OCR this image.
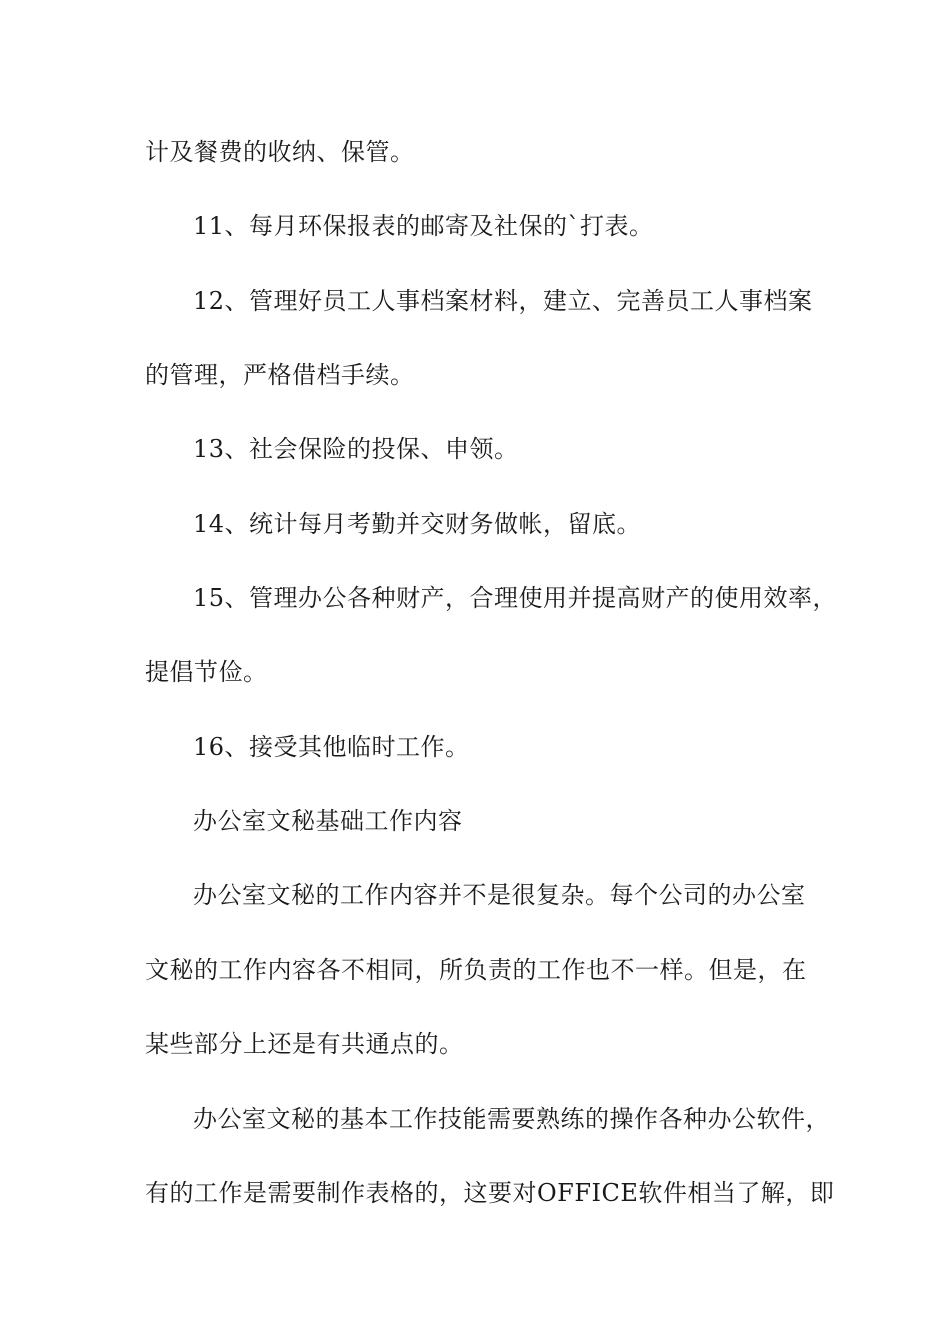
计及餐费的收纳、保管。
11、每月环保报表的邮寄及社保的`打表。
12、管理好员工人事档案材料，建立、完善员工人事档案
的管理，严格借档手续。
13、社会保险的投保、申领。
14、统计每月考勤并交财务做帐，留底。
15、管理办公各种财产，合理使用并提高财产的使用效率，
提倡节俭。
16、接受其他临时工作。
办公室文秘基础工作内容
办公室文秘的工作内容并不是很复杂。每个公司的办公室
文秘的工作内容各不相同，所负责的工作也不一样。但是，在
某些部分上还是有共通点的。
办公室文秘的基本工作技能需要熟练的操作各种办公软件，
有的工作是需要制作表格的，这要对OFFICE软件相当了解，即
